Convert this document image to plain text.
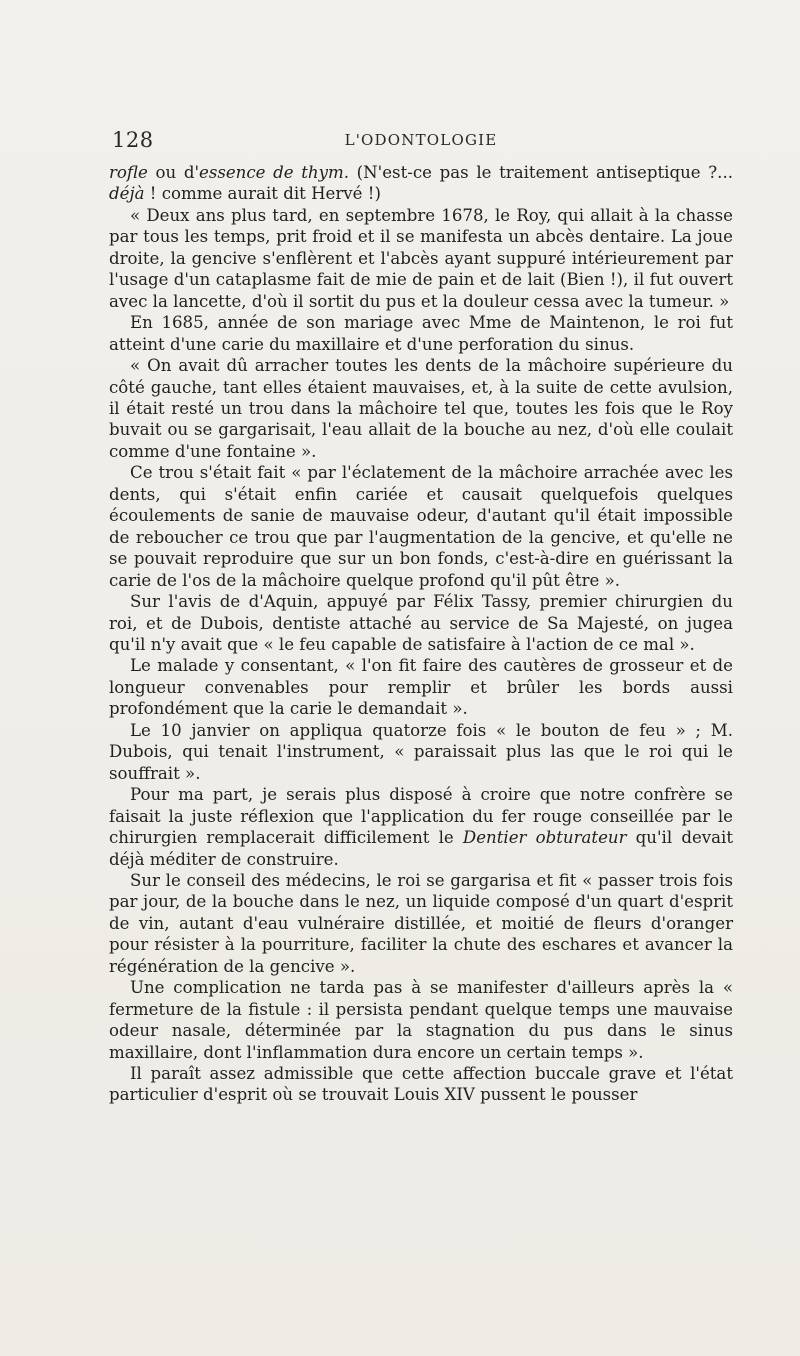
128	L'ODONTOLOGIE

rofle ou d'essence de thym. (N'est-ce pas le traitement antiseptique ?... déjà ! comme aurait dit Hervé !)

« Deux ans plus tard, en septembre 1678, le Roy, qui allait à la chasse par tous les temps, prit froid et il se manifesta un abcès dentaire. La joue droite, la gencive s'enflèrent et l'abcès ayant suppuré intérieurement par l'usage d'un cataplasme fait de mie de pain et de lait (Bien !), il fut ouvert avec la lancette, d'où il sortit du pus et la douleur cessa avec la tumeur. »

En 1685, année de son mariage avec Mme de Maintenon, le roi fut atteint d'une carie du maxillaire et d'une perforation du sinus.

« On avait dû arracher toutes les dents de la mâchoire supérieure du côté gauche, tant elles étaient mauvaises, et, à la suite de cette avulsion, il était resté un trou dans la mâchoire tel que, toutes les fois que le Roy buvait ou se gargarisait, l'eau allait de la bouche au nez, d'où elle coulait comme d'une fontaine ».

Ce trou s'était fait « par l'éclatement de la mâchoire arrachée avec les dents, qui s'était enfin cariée et causait quelquefois quelques écoulements de sanie de mauvaise odeur, d'autant qu'il était impossible de reboucher ce trou que par l'augmentation de la gencive, et qu'elle ne se pouvait reproduire que sur un bon fonds, c'est-à-dire en guérissant la carie de l'os de la mâchoire quelque profond qu'il pût être ».

Sur l'avis de d'Aquin, appuyé par Félix Tassy, premier chirurgien du roi, et de Dubois, dentiste attaché au service de Sa Majesté, on jugea qu'il n'y avait que « le feu capable de satisfaire à l'action de ce mal ».

Le malade y consentant, « l'on fit faire des cautères de grosseur et de longueur convenables pour remplir et brûler les bords aussi profondément que la carie le demandait ».

Le 10 janvier on appliqua quatorze fois « le bouton de feu » ; M. Dubois, qui tenait l'instrument, « paraissait plus las que le roi qui le souffrait ».

Pour ma part, je serais plus disposé à croire que notre confrère se faisait la juste réflexion que l'application du fer rouge conseillée par le chirurgien remplacerait difficilement le Dentier obturateur qu'il devait déjà méditer de construire.

Sur le conseil des médecins, le roi se gargarisa et fit « passer trois fois par jour, de la bouche dans le nez, un liquide composé d'un quart d'esprit de vin, autant d'eau vulnéraire distillée, et moitié de fleurs d'oranger pour résister à la pourriture, faciliter la chute des eschares et avancer la régénération de la gencive ».

Une complication ne tarda pas à se manifester d'ailleurs après la « fermeture de la fistule : il persista pendant quelque temps une mauvaise odeur nasale, déterminée par la stagnation du pus dans le sinus maxillaire, dont l'inflammation dura encore un certain temps ».

Il paraît assez admissible que cette affection buccale grave et l'état particulier d'esprit où se trouvait Louis XIV pussent le pousser
